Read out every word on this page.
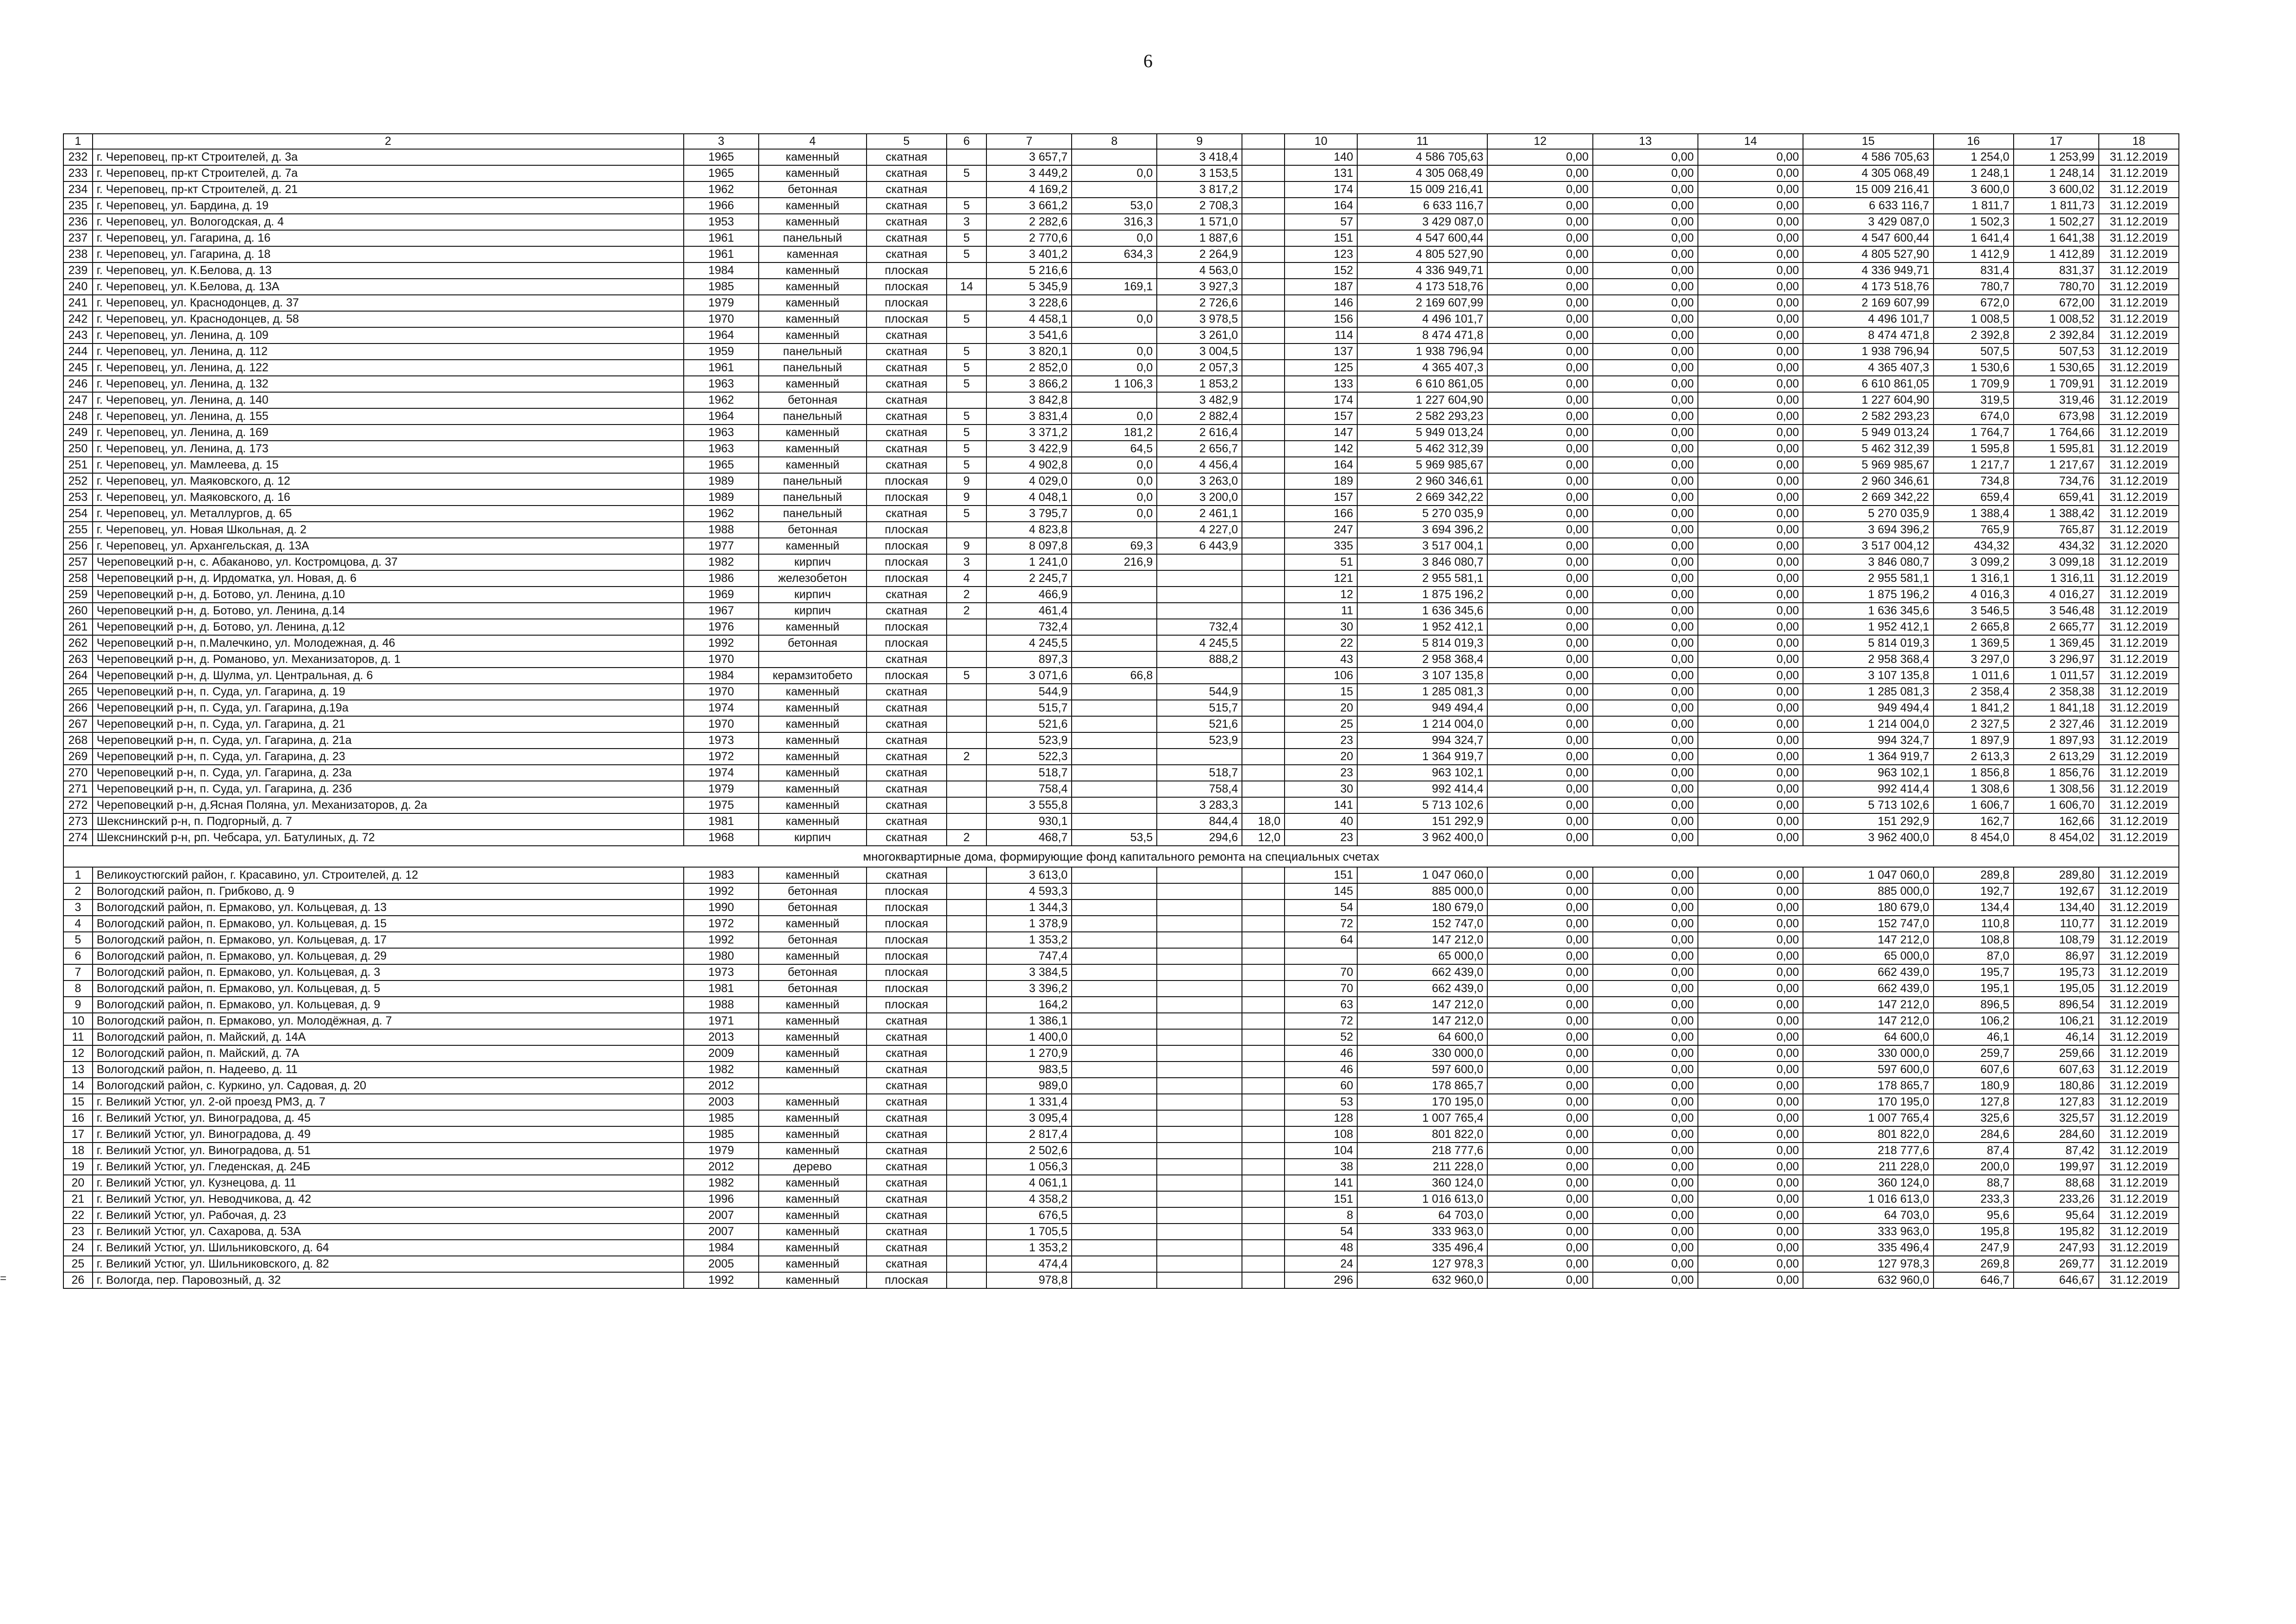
6
=
1	2	3	4	5	6	7	8	9		10	11	12	13	14	15	16	17	18
232	г. Череповец, пр-кт Строителей, д. 3а	1965	каменный	скатная		3 657,7		3 418,4		140	4 586 705,63	0,00	0,00	0,00	4 586 705,63	1 254,0	1 253,99	31.12.2019
233	г. Череповец, пр-кт Строителей, д. 7а	1965	каменный	скатная	5	3 449,2	0,0	3 153,5		131	4 305 068,49	0,00	0,00	0,00	4 305 068,49	1 248,1	1 248,14	31.12.2019
234	г. Череповец, пр-кт Строителей, д. 21	1962	бетонная	скатная		4 169,2		3 817,2		174	15 009 216,41	0,00	0,00	0,00	15 009 216,41	3 600,0	3 600,02	31.12.2019
235	г. Череповец, ул. Бардина, д. 19	1966	каменный	скатная	5	3 661,2	53,0	2 708,3		164	6 633 116,7	0,00	0,00	0,00	6 633 116,7	1 811,7	1 811,73	31.12.2019
236	г. Череповец, ул. Вологодская, д. 4	1953	каменный	скатная	3	2 282,6	316,3	1 571,0		57	3 429 087,0	0,00	0,00	0,00	3 429 087,0	1 502,3	1 502,27	31.12.2019
237	г. Череповец, ул. Гагарина, д. 16	1961	панельный	скатная	5	2 770,6	0,0	1 887,6		151	4 547 600,44	0,00	0,00	0,00	4 547 600,44	1 641,4	1 641,38	31.12.2019
238	г. Череповец, ул. Гагарина, д. 18	1961	каменная	скатная	5	3 401,2	634,3	2 264,9		123	4 805 527,90	0,00	0,00	0,00	4 805 527,90	1 412,9	1 412,89	31.12.2019
239	г. Череповец, ул. К.Белова, д. 13	1984	каменный	плоская		5 216,6		4 563,0		152	4 336 949,71	0,00	0,00	0,00	4 336 949,71	831,4	831,37	31.12.2019
240	г. Череповец, ул. К.Белова, д. 13А	1985	каменный	плоская	14	5 345,9	169,1	3 927,3		187	4 173 518,76	0,00	0,00	0,00	4 173 518,76	780,7	780,70	31.12.2019
241	г. Череповец, ул. Краснодонцев, д. 37	1979	каменный	плоская		3 228,6		2 726,6		146	2 169 607,99	0,00	0,00	0,00	2 169 607,99	672,0	672,00	31.12.2019
242	г. Череповец, ул. Краснодонцев, д. 58	1970	каменный	плоская	5	4 458,1	0,0	3 978,5		156	4 496 101,7	0,00	0,00	0,00	4 496 101,7	1 008,5	1 008,52	31.12.2019
243	г. Череповец, ул. Ленина, д. 109	1964	каменный	скатная		3 541,6		3 261,0		114	8 474 471,8	0,00	0,00	0,00	8 474 471,8	2 392,8	2 392,84	31.12.2019
244	г. Череповец, ул. Ленина, д. 112	1959	панельный	скатная	5	3 820,1	0,0	3 004,5		137	1 938 796,94	0,00	0,00	0,00	1 938 796,94	507,5	507,53	31.12.2019
245	г. Череповец, ул. Ленина, д. 122	1961	панельный	скатная	5	2 852,0	0,0	2 057,3		125	4 365 407,3	0,00	0,00	0,00	4 365 407,3	1 530,6	1 530,65	31.12.2019
246	г. Череповец, ул. Ленина, д. 132	1963	каменный	скатная	5	3 866,2	1 106,3	1 853,2		133	6 610 861,05	0,00	0,00	0,00	6 610 861,05	1 709,9	1 709,91	31.12.2019
247	г. Череповец, ул. Ленина, д. 140	1962	бетонная	скатная		3 842,8		3 482,9		174	1 227 604,90	0,00	0,00	0,00	1 227 604,90	319,5	319,46	31.12.2019
248	г. Череповец, ул. Ленина, д. 155	1964	панельный	скатная	5	3 831,4	0,0	2 882,4		157	2 582 293,23	0,00	0,00	0,00	2 582 293,23	674,0	673,98	31.12.2019
249	г. Череповец, ул. Ленина, д. 169	1963	каменный	скатная	5	3 371,2	181,2	2 616,4		147	5 949 013,24	0,00	0,00	0,00	5 949 013,24	1 764,7	1 764,66	31.12.2019
250	г. Череповец, ул. Ленина, д. 173	1963	каменный	скатная	5	3 422,9	64,5	2 656,7		142	5 462 312,39	0,00	0,00	0,00	5 462 312,39	1 595,8	1 595,81	31.12.2019
251	г. Череповец, ул. Мамлеева, д. 15	1965	каменный	скатная	5	4 902,8	0,0	4 456,4		164	5 969 985,67	0,00	0,00	0,00	5 969 985,67	1 217,7	1 217,67	31.12.2019
252	г. Череповец, ул. Маяковского, д. 12	1989	панельный	плоская	9	4 029,0	0,0	3 263,0		189	2 960 346,61	0,00	0,00	0,00	2 960 346,61	734,8	734,76	31.12.2019
253	г. Череповец, ул. Маяковского, д. 16	1989	панельный	плоская	9	4 048,1	0,0	3 200,0		157	2 669 342,22	0,00	0,00	0,00	2 669 342,22	659,4	659,41	31.12.2019
254	г. Череповец, ул. Металлургов, д. 65	1962	панельный	скатная	5	3 795,7	0,0	2 461,1		166	5 270 035,9	0,00	0,00	0,00	5 270 035,9	1 388,4	1 388,42	31.12.2019
255	г. Череповец, ул. Новая Школьная, д. 2	1988	бетонная	плоская		4 823,8		4 227,0		247	3 694 396,2	0,00	0,00	0,00	3 694 396,2	765,9	765,87	31.12.2019
256	г. Череповец, ул. Архангельская, д. 13А	1977	каменный	плоская	9	8 097,8	69,3	6 443,9		335	3 517 004,1	0,00	0,00	0,00	3 517 004,12	434,32	434,32	31.12.2020
257	Череповецкий р-н, с. Абаканово, ул. Костромцова, д. 37	1982	кирпич	плоская	3	1 241,0	216,9			51	3 846 080,7	0,00	0,00	0,00	3 846 080,7	3 099,2	3 099,18	31.12.2019
258	Череповецкий р-н, д. Ирдоматка, ул. Новая, д. 6	1986	железобетон	плоская	4	2 245,7				121	2 955 581,1	0,00	0,00	0,00	2 955 581,1	1 316,1	1 316,11	31.12.2019
259	Череповецкий р-н, д. Ботово, ул. Ленина, д.10	1969	кирпич	скатная	2	466,9				12	1 875 196,2	0,00	0,00	0,00	1 875 196,2	4 016,3	4 016,27	31.12.2019
260	Череповецкий р-н, д. Ботово, ул. Ленина, д.14	1967	кирпич	скатная	2	461,4				11	1 636 345,6	0,00	0,00	0,00	1 636 345,6	3 546,5	3 546,48	31.12.2019
261	Череповецкий р-н, д. Ботово, ул. Ленина, д.12	1976	каменный	плоская		732,4		732,4		30	1 952 412,1	0,00	0,00	0,00	1 952 412,1	2 665,8	2 665,77	31.12.2019
262	Череповецкий р-н, п.Малечкино, ул. Молодежная, д. 46	1992	бетонная	плоская		4 245,5		4 245,5		22	5 814 019,3	0,00	0,00	0,00	5 814 019,3	1 369,5	1 369,45	31.12.2019
263	Череповецкий р-н, д. Романово, ул. Механизаторов, д. 1	1970		скатная		897,3		888,2		43	2 958 368,4	0,00	0,00	0,00	2 958 368,4	3 297,0	3 296,97	31.12.2019
264	Череповецкий р-н, д. Шулма, ул. Центральная, д. 6	1984	керамзитобето	плоская	5	3 071,6	66,8			106	3 107 135,8	0,00	0,00	0,00	3 107 135,8	1 011,6	1 011,57	31.12.2019
265	Череповецкий р-н, п. Суда, ул. Гагарина, д. 19	1970	каменный	скатная		544,9		544,9		15	1 285 081,3	0,00	0,00	0,00	1 285 081,3	2 358,4	2 358,38	31.12.2019
266	Череповецкий р-н, п. Суда, ул. Гагарина, д.19а	1974	каменный	скатная		515,7		515,7		20	949 494,4	0,00	0,00	0,00	949 494,4	1 841,2	1 841,18	31.12.2019
267	Череповецкий р-н, п. Суда, ул. Гагарина, д. 21	1970	каменный	скатная		521,6		521,6		25	1 214 004,0	0,00	0,00	0,00	1 214 004,0	2 327,5	2 327,46	31.12.2019
268	Череповецкий р-н, п. Суда, ул. Гагарина, д. 21а	1973	каменный	скатная		523,9		523,9		23	994 324,7	0,00	0,00	0,00	994 324,7	1 897,9	1 897,93	31.12.2019
269	Череповецкий р-н, п. Суда, ул. Гагарина, д. 23	1972	каменный	скатная	2	522,3				20	1 364 919,7	0,00	0,00	0,00	1 364 919,7	2 613,3	2 613,29	31.12.2019
270	Череповецкий р-н, п. Суда, ул. Гагарина, д. 23а	1974	каменный	скатная		518,7		518,7		23	963 102,1	0,00	0,00	0,00	963 102,1	1 856,8	1 856,76	31.12.2019
271	Череповецкий р-н, п. Суда, ул. Гагарина, д. 23б	1979	каменный	скатная		758,4		758,4		30	992 414,4	0,00	0,00	0,00	992 414,4	1 308,6	1 308,56	31.12.2019
272	Череповецкий р-н, д.Ясная Поляна, ул. Механизаторов, д. 2а	1975	каменный	скатная		3 555,8		3 283,3		141	5 713 102,6	0,00	0,00	0,00	5 713 102,6	1 606,7	1 606,70	31.12.2019
273	Шекснинский р-н, п. Подгорный, д. 7	1981	каменный	скатная		930,1		844,4	18,0	40	151 292,9	0,00	0,00	0,00	151 292,9	162,7	162,66	31.12.2019
274	Шекснинский р-н, рп. Чебсара, ул. Батулиных, д. 72	1968	кирпич	скатная	2	468,7	53,5	294,6	12,0	23	3 962 400,0	0,00	0,00	0,00	3 962 400,0	8 454,0	8 454,02	31.12.2019
многоквартирные дома, формирующие фонд капитального ремонта на специальных счетах																		
1	Великоустюгский район, г. Красавино, ул. Строителей, д. 12	1983	каменный	скатная		3 613,0				151	1 047 060,0	0,00	0,00	0,00	1 047 060,0	289,8	289,80	31.12.2019
2	Вологодский район, п. Грибково, д. 9	1992	бетонная	плоская		4 593,3				145	885 000,0	0,00	0,00	0,00	885 000,0	192,7	192,67	31.12.2019
3	Вологодский район, п. Ермаково, ул. Кольцевая, д. 13	1990	бетонная	плоская		1 344,3				54	180 679,0	0,00	0,00	0,00	180 679,0	134,4	134,40	31.12.2019
4	Вологодский район, п. Ермаково, ул. Кольцевая, д. 15	1972	каменный	плоская		1 378,9				72	152 747,0	0,00	0,00	0,00	152 747,0	110,8	110,77	31.12.2019
5	Вологодский район, п. Ермаково, ул. Кольцевая, д. 17	1992	бетонная	плоская		1 353,2				64	147 212,0	0,00	0,00	0,00	147 212,0	108,8	108,79	31.12.2019
6	Вологодский район, п. Ермаково, ул. Кольцевая, д. 29	1980	каменный	плоская		747,4					65 000,0	0,00	0,00	0,00	65 000,0	87,0	86,97	31.12.2019
7	Вологодский район, п. Ермаково, ул. Кольцевая, д. 3	1973	бетонная	плоская		3 384,5				70	662 439,0	0,00	0,00	0,00	662 439,0	195,7	195,73	31.12.2019
8	Вологодский район, п. Ермаково, ул. Кольцевая, д. 5	1981	бетонная	плоская		3 396,2				70	662 439,0	0,00	0,00	0,00	662 439,0	195,1	195,05	31.12.2019
9	Вологодский район, п. Ермаково, ул. Кольцевая, д. 9	1988	каменный	плоская		164,2				63	147 212,0	0,00	0,00	0,00	147 212,0	896,5	896,54	31.12.2019
10	Вологодский район, п. Ермаково, ул. Молодёжная, д. 7	1971	каменный	скатная		1 386,1				72	147 212,0	0,00	0,00	0,00	147 212,0	106,2	106,21	31.12.2019
11	Вологодский район, п. Майский, д. 14А	2013	каменный	скатная		1 400,0				52	64 600,0	0,00	0,00	0,00	64 600,0	46,1	46,14	31.12.2019
12	Вологодский район, п. Майский, д. 7А	2009	каменный	скатная		1 270,9				46	330 000,0	0,00	0,00	0,00	330 000,0	259,7	259,66	31.12.2019
13	Вологодский район, п. Надеево, д. 11	1982	каменный	скатная		983,5				46	597 600,0	0,00	0,00	0,00	597 600,0	607,6	607,63	31.12.2019
14	Вологодский район, с. Куркино, ул. Садовая, д. 20	2012		скатная		989,0				60	178 865,7	0,00	0,00	0,00	178 865,7	180,9	180,86	31.12.2019
15	г. Великий Устюг, ул. 2-ой проезд РМЗ, д. 7	2003	каменный	скатная		1 331,4				53	170 195,0	0,00	0,00	0,00	170 195,0	127,8	127,83	31.12.2019
16	г. Великий Устюг, ул. Виноградова, д. 45	1985	каменный	скатная		3 095,4				128	1 007 765,4	0,00	0,00	0,00	1 007 765,4	325,6	325,57	31.12.2019
17	г. Великий Устюг, ул. Виноградова, д. 49	1985	каменный	скатная		2 817,4				108	801 822,0	0,00	0,00	0,00	801 822,0	284,6	284,60	31.12.2019
18	г. Великий Устюг, ул. Виноградова, д. 51	1979	каменный	скатная		2 502,6				104	218 777,6	0,00	0,00	0,00	218 777,6	87,4	87,42	31.12.2019
19	г. Великий Устюг, ул. Гледенская, д. 24Б	2012	дерево	скатная		1 056,3				38	211 228,0	0,00	0,00	0,00	211 228,0	200,0	199,97	31.12.2019
20	г. Великий Устюг, ул. Кузнецова, д. 11	1982	каменный	скатная		4 061,1				141	360 124,0	0,00	0,00	0,00	360 124,0	88,7	88,68	31.12.2019
21	г. Великий Устюг, ул. Неводчикова, д. 42	1996	каменный	скатная		4 358,2				151	1 016 613,0	0,00	0,00	0,00	1 016 613,0	233,3	233,26	31.12.2019
22	г. Великий Устюг, ул. Рабочая, д. 23	2007	каменный	скатная		676,5				8	64 703,0	0,00	0,00	0,00	64 703,0	95,6	95,64	31.12.2019
23	г. Великий Устюг, ул. Сахарова, д. 53А	2007	каменный	скатная		1 705,5				54	333 963,0	0,00	0,00	0,00	333 963,0	195,8	195,82	31.12.2019
24	г. Великий Устюг, ул. Шильниковского, д. 64	1984	каменный	скатная		1 353,2				48	335 496,4	0,00	0,00	0,00	335 496,4	247,9	247,93	31.12.2019
25	г. Великий Устюг, ул. Шильниковского, д. 82	2005	каменный	скатная		474,4				24	127 978,3	0,00	0,00	0,00	127 978,3	269,8	269,77	31.12.2019
26	г. Вологда, пер. Паровозный, д. 32	1992	каменный	плоская		978,8				296	632 960,0	0,00	0,00	0,00	632 960,0	646,7	646,67	31.12.2019
